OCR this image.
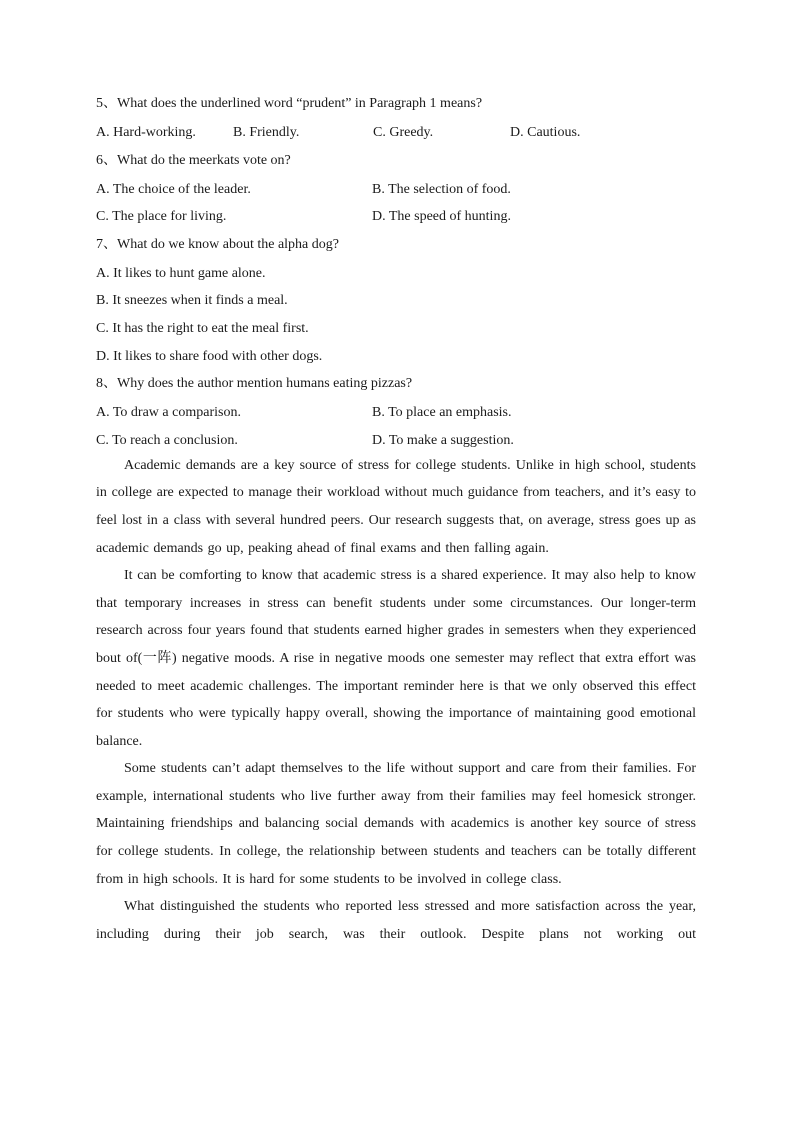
5、What does the underlined word “prudent” in Paragraph 1 means?
A. Hard-working.	B. Friendly.	C. Greedy.	D. Cautious.
6、What do the meerkats vote on?
A. The choice of the leader.	B. The selection of food.
C. The place for living.	D. The speed of hunting.
7、What do we know about the alpha dog?
A. It likes to hunt game alone.
B. It sneezes when it finds a meal.
C. It has the right to eat the meal first.
D. It likes to share food with other dogs.
8、Why does the author mention humans eating pizzas?
A. To draw a comparison.	B. To place an emphasis.
C. To reach a conclusion.	D. To make a suggestion.

Academic demands are a key source of stress for college students. Unlike in high school, students in college are expected to manage their workload without much guidance from teachers, and it’s easy to feel lost in a class with several hundred peers. Our research suggests that, on average, stress goes up as academic demands go up, peaking ahead of final exams and then falling again.

It can be comforting to know that academic stress is a shared experience. It may also help to know that temporary increases in stress can benefit students under some circumstances. Our longer-term research across four years found that students earned higher grades in semesters when they experienced bout of(一阵) negative moods. A rise in negative moods one semester may reflect that extra effort was needed to meet academic challenges. The important reminder here is that we only observed this effect for students who were typically happy overall, showing the importance of maintaining good emotional balance.

Some students can’t adapt themselves to the life without support and care from their families. For example, international students who live further away from their families may feel homesick stronger. Maintaining friendships and balancing social demands with academics is another key source of stress for college students. In college, the relationship between students and teachers can be totally different from in high schools. It is hard for some students to be involved in college class.

What distinguished the students who reported less stressed and more satisfaction across the year, including during their job search, was their outlook. Despite plans not working out
